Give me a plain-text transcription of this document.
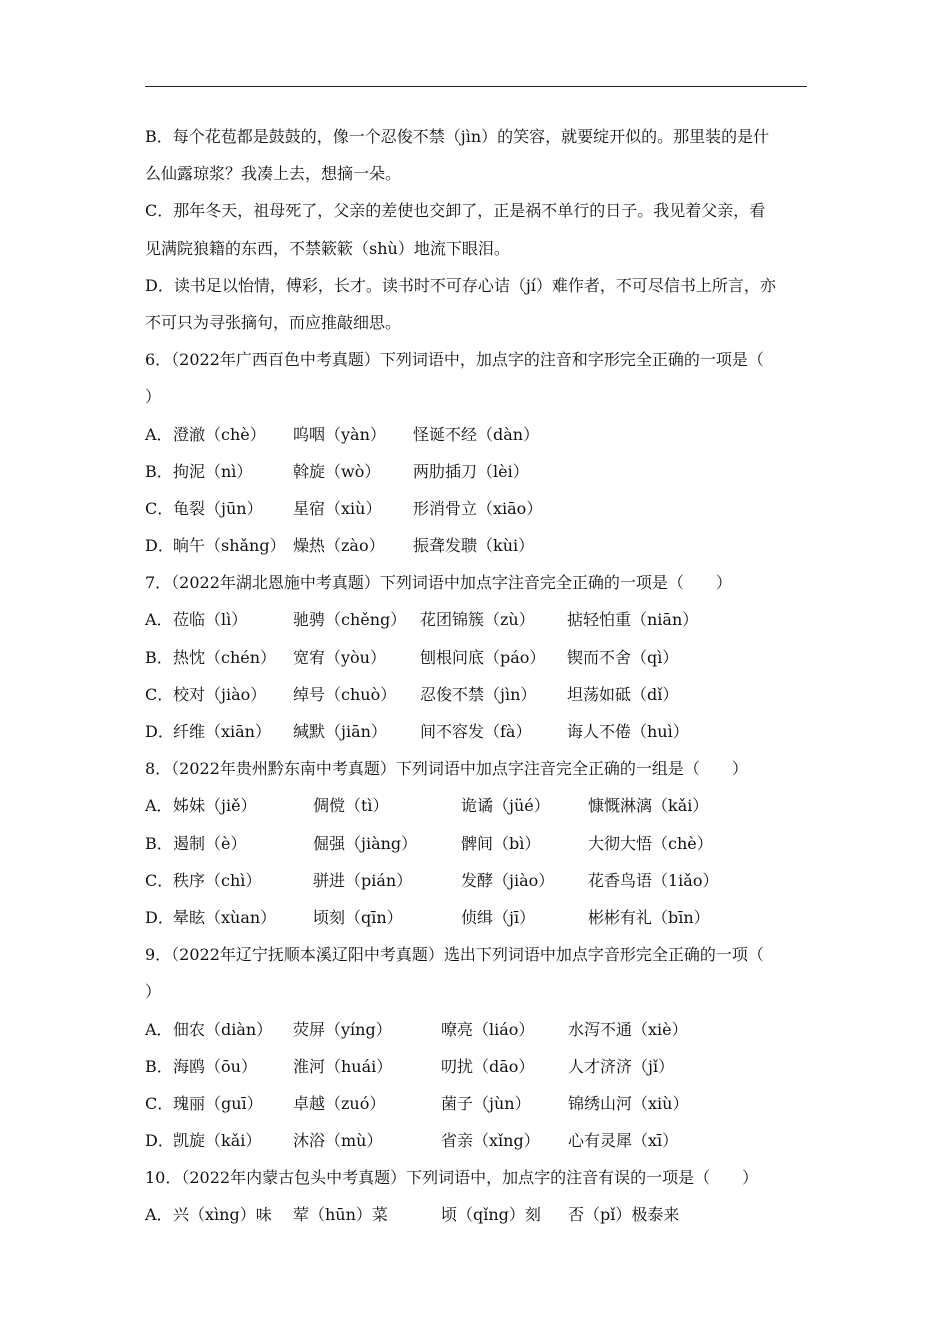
B．每个花苞都是鼓鼓的，像一个忍俊不禁（jìn）的笑容，就要绽开似的。那里装的是什
么仙露琼浆？我凑上去，想摘一朵。
C．那年冬天，祖母死了，父亲的差使也交卸了，正是祸不单行的日子。我见着父亲，看
见满院狼籍的东西，不禁簌簌（shù）地流下眼泪。
D．读书足以怡情，傅彩，长才。读书时不可存心诘（jí）难作者，不可尽信书上所言，亦
不可只为寻张摘句，而应推敲细思。
6．（2022年广西百色中考真题）下列词语中，加点字的注音和字形完全正确的一项是（
）
A． 澄澈（chè）	呜咽（yàn）	怪诞不经（dàn）
B． 拘泥（nì）	斡旋（wò）	两肋插刀（lèi）
C． 龟裂（jūn）	星宿（xiù）	形消骨立（xiāo）
D． 晌午（shǎng） 燥热（zào）	振聋发聩（kùi）
7．（2022年湖北恩施中考真题）下列词语中加点字注音完全正确的一项是（　　）
A． 莅临（lì）	驰骋（chěng） 花团锦簇（zù）	掂轻怕重（niān）
B． 热忱（chén）	宽宥（yòu）	刨根问底（páo）	锲而不舍（qì）
C． 校对（jiào）	绰号（chuò）	忍俊不禁（jìn）	坦荡如砥（dǐ）
D． 纤维（xiān）	缄默（jiān）	间不容发（fà）	诲人不倦（huì）
8．（2022年贵州黔东南中考真题）下列词语中加点字注音完全正确的一组是（　　）
A． 姊妹（jiě）	倜傥（tì）	诡谲（jüé）	慷慨淋漓（kǎi）
B． 遏制（è）	倔强（jiàng）	髀间（bì）	大彻大悟（chè）
C． 秩序（chì）	骈进（pián）	发酵（jiào）	花香鸟语（1iǎo）
D． 晕眩（xùan）	顷刻（qīn）	侦缉（jī）	彬彬有礼（bīn）
9．（2022年辽宁抚顺本溪辽阳中考真题）选出下列词语中加点字音形完全正确的一项（
）
A． 佃农（diàn）	荧屏（yíng）	嘹亮（liáo）	水泻不通（xiè）
B． 海鸥（ōu）	淮河（huái）	叨扰（dāo）	人才济济（jǐ）
C． 瑰丽（guī）	卓越（zuó）	菌子（jùn）	锦绣山河（xiù）
D． 凯旋（kǎi）	沐浴（mù）	省亲（xǐng）	心有灵犀（xī）
10．（2022年内蒙古包头中考真题）下列词语中，加点字的注音有误的一项是（　　）
A． 兴（xìng）味	荤（hūn）菜	顷（qǐng）刻	否（pǐ）极泰来
